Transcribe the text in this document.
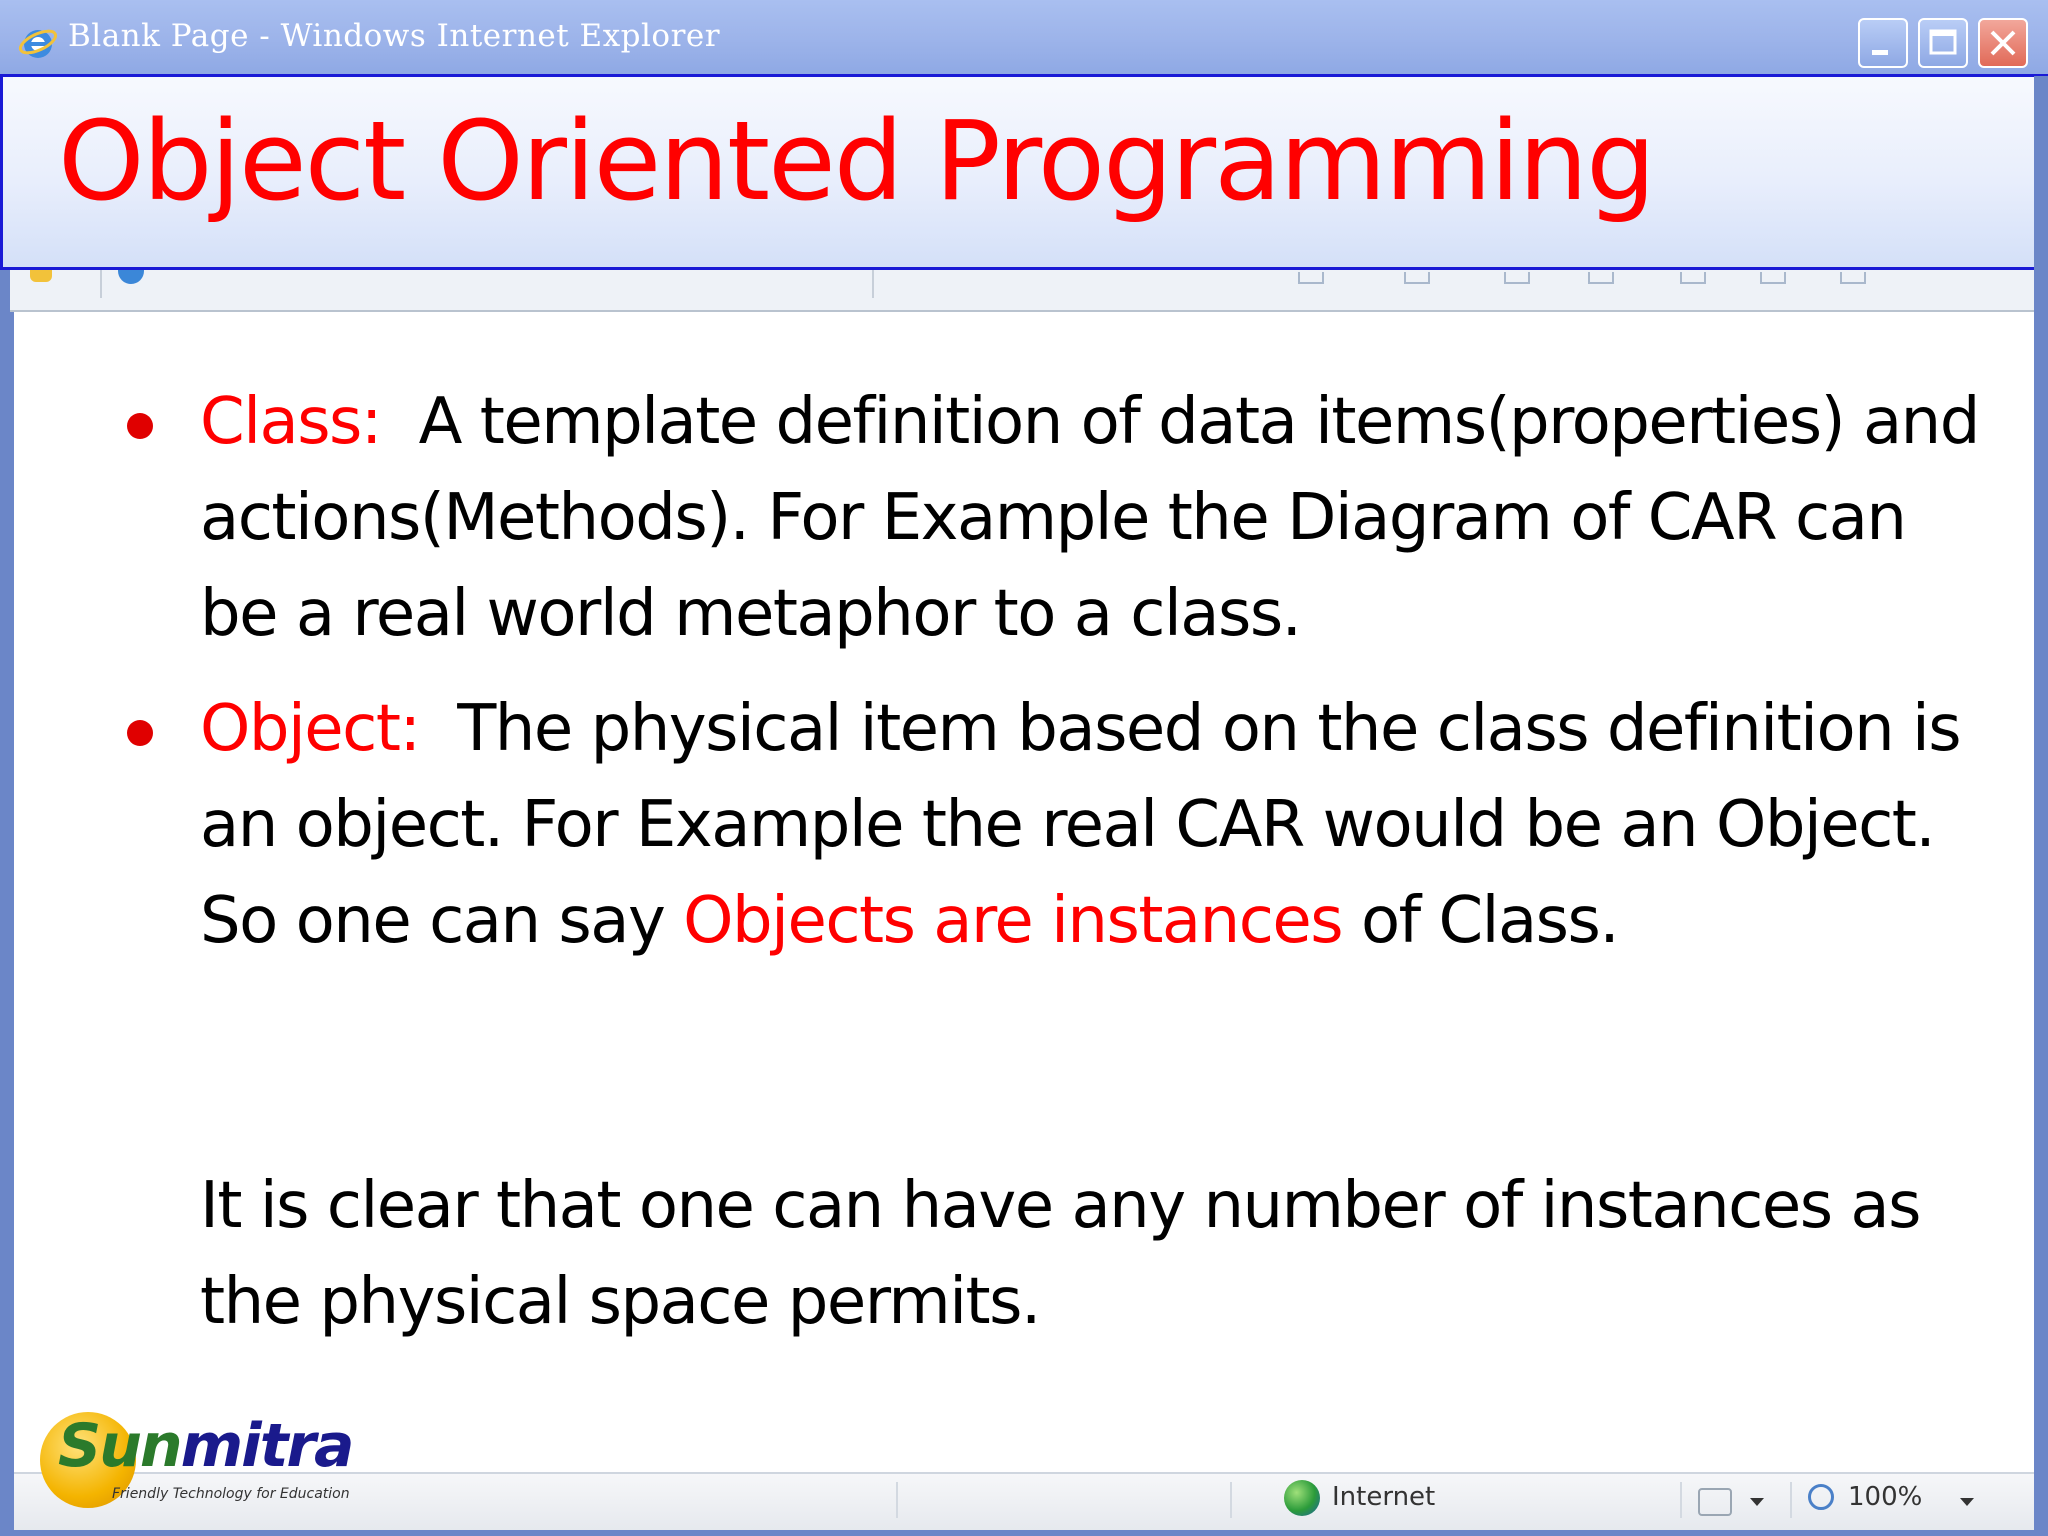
Blank Page - Windows Internet Explorer
Object Oriented Programming
Class: A template definition of data items(properties) and actions(Methods). For Example the Diagram of CAR can be a real world metaphor to a class.
Object: The physical item based on the class definition is an object. For Example the real CAR would be an Object. So one can say Objects are instances of Class.
It is clear that one can have any number of instances as the physical space permits.
Internet	100%
Sunmitra
Friendly Technology for Education
